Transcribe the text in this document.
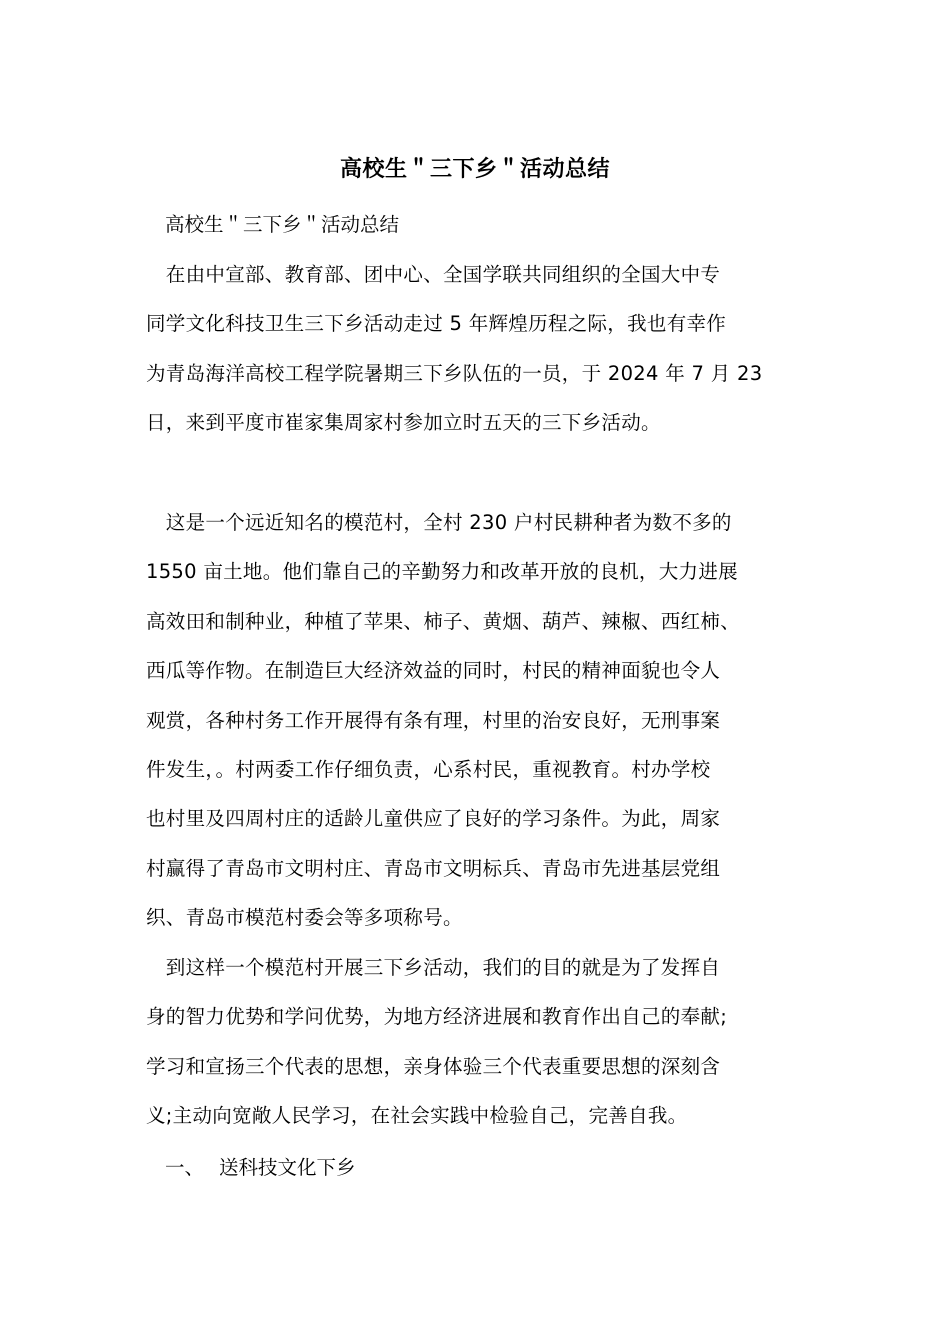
高校生＂三下乡＂活动总结
高校生＂三下乡＂活动总结
　在由中宣部、教育部、团中心、全国学联共同组织的全国大中专
同学文化科技卫生三下乡活动走过 5 年辉煌历程之际，我也有幸作
为青岛海洋高校工程学院暑期三下乡队伍的一员，于 2024 年 7 月 23
日，来到平度市崔家集周家村参加立时五天的三下乡活动。
　这是一个远近知名的模范村，全村 230 户村民耕种者为数不多的
1550 亩土地。他们靠自己的辛勤努力和改革开放的良机，大力进展
高效田和制种业，种植了苹果、柿子、黄烟、葫芦、辣椒、西红柿、
西瓜等作物。在制造巨大经济效益的同时，村民的精神面貌也令人
观赏，各种村务工作开展得有条有理，村里的治安良好，无刑事案
件发生，。村两委工作仔细负责，心系村民，重视教育。村办学校
也村里及四周村庄的适龄儿童供应了良好的学习条件。为此，周家
村赢得了青岛市文明村庄、青岛市文明标兵、青岛市先进基层党组
织、青岛市模范村委会等多项称号。
　到这样一个模范村开展三下乡活动，我们的目的就是为了发挥自
身的智力优势和学问优势，为地方经济进展和教育作出自己的奉献;
学习和宣扬三个代表的思想，亲身体验三个代表重要思想的深刻含
义;主动向宽敞人民学习，在社会实践中检验自己，完善自我。
一、 送科技文化下乡
